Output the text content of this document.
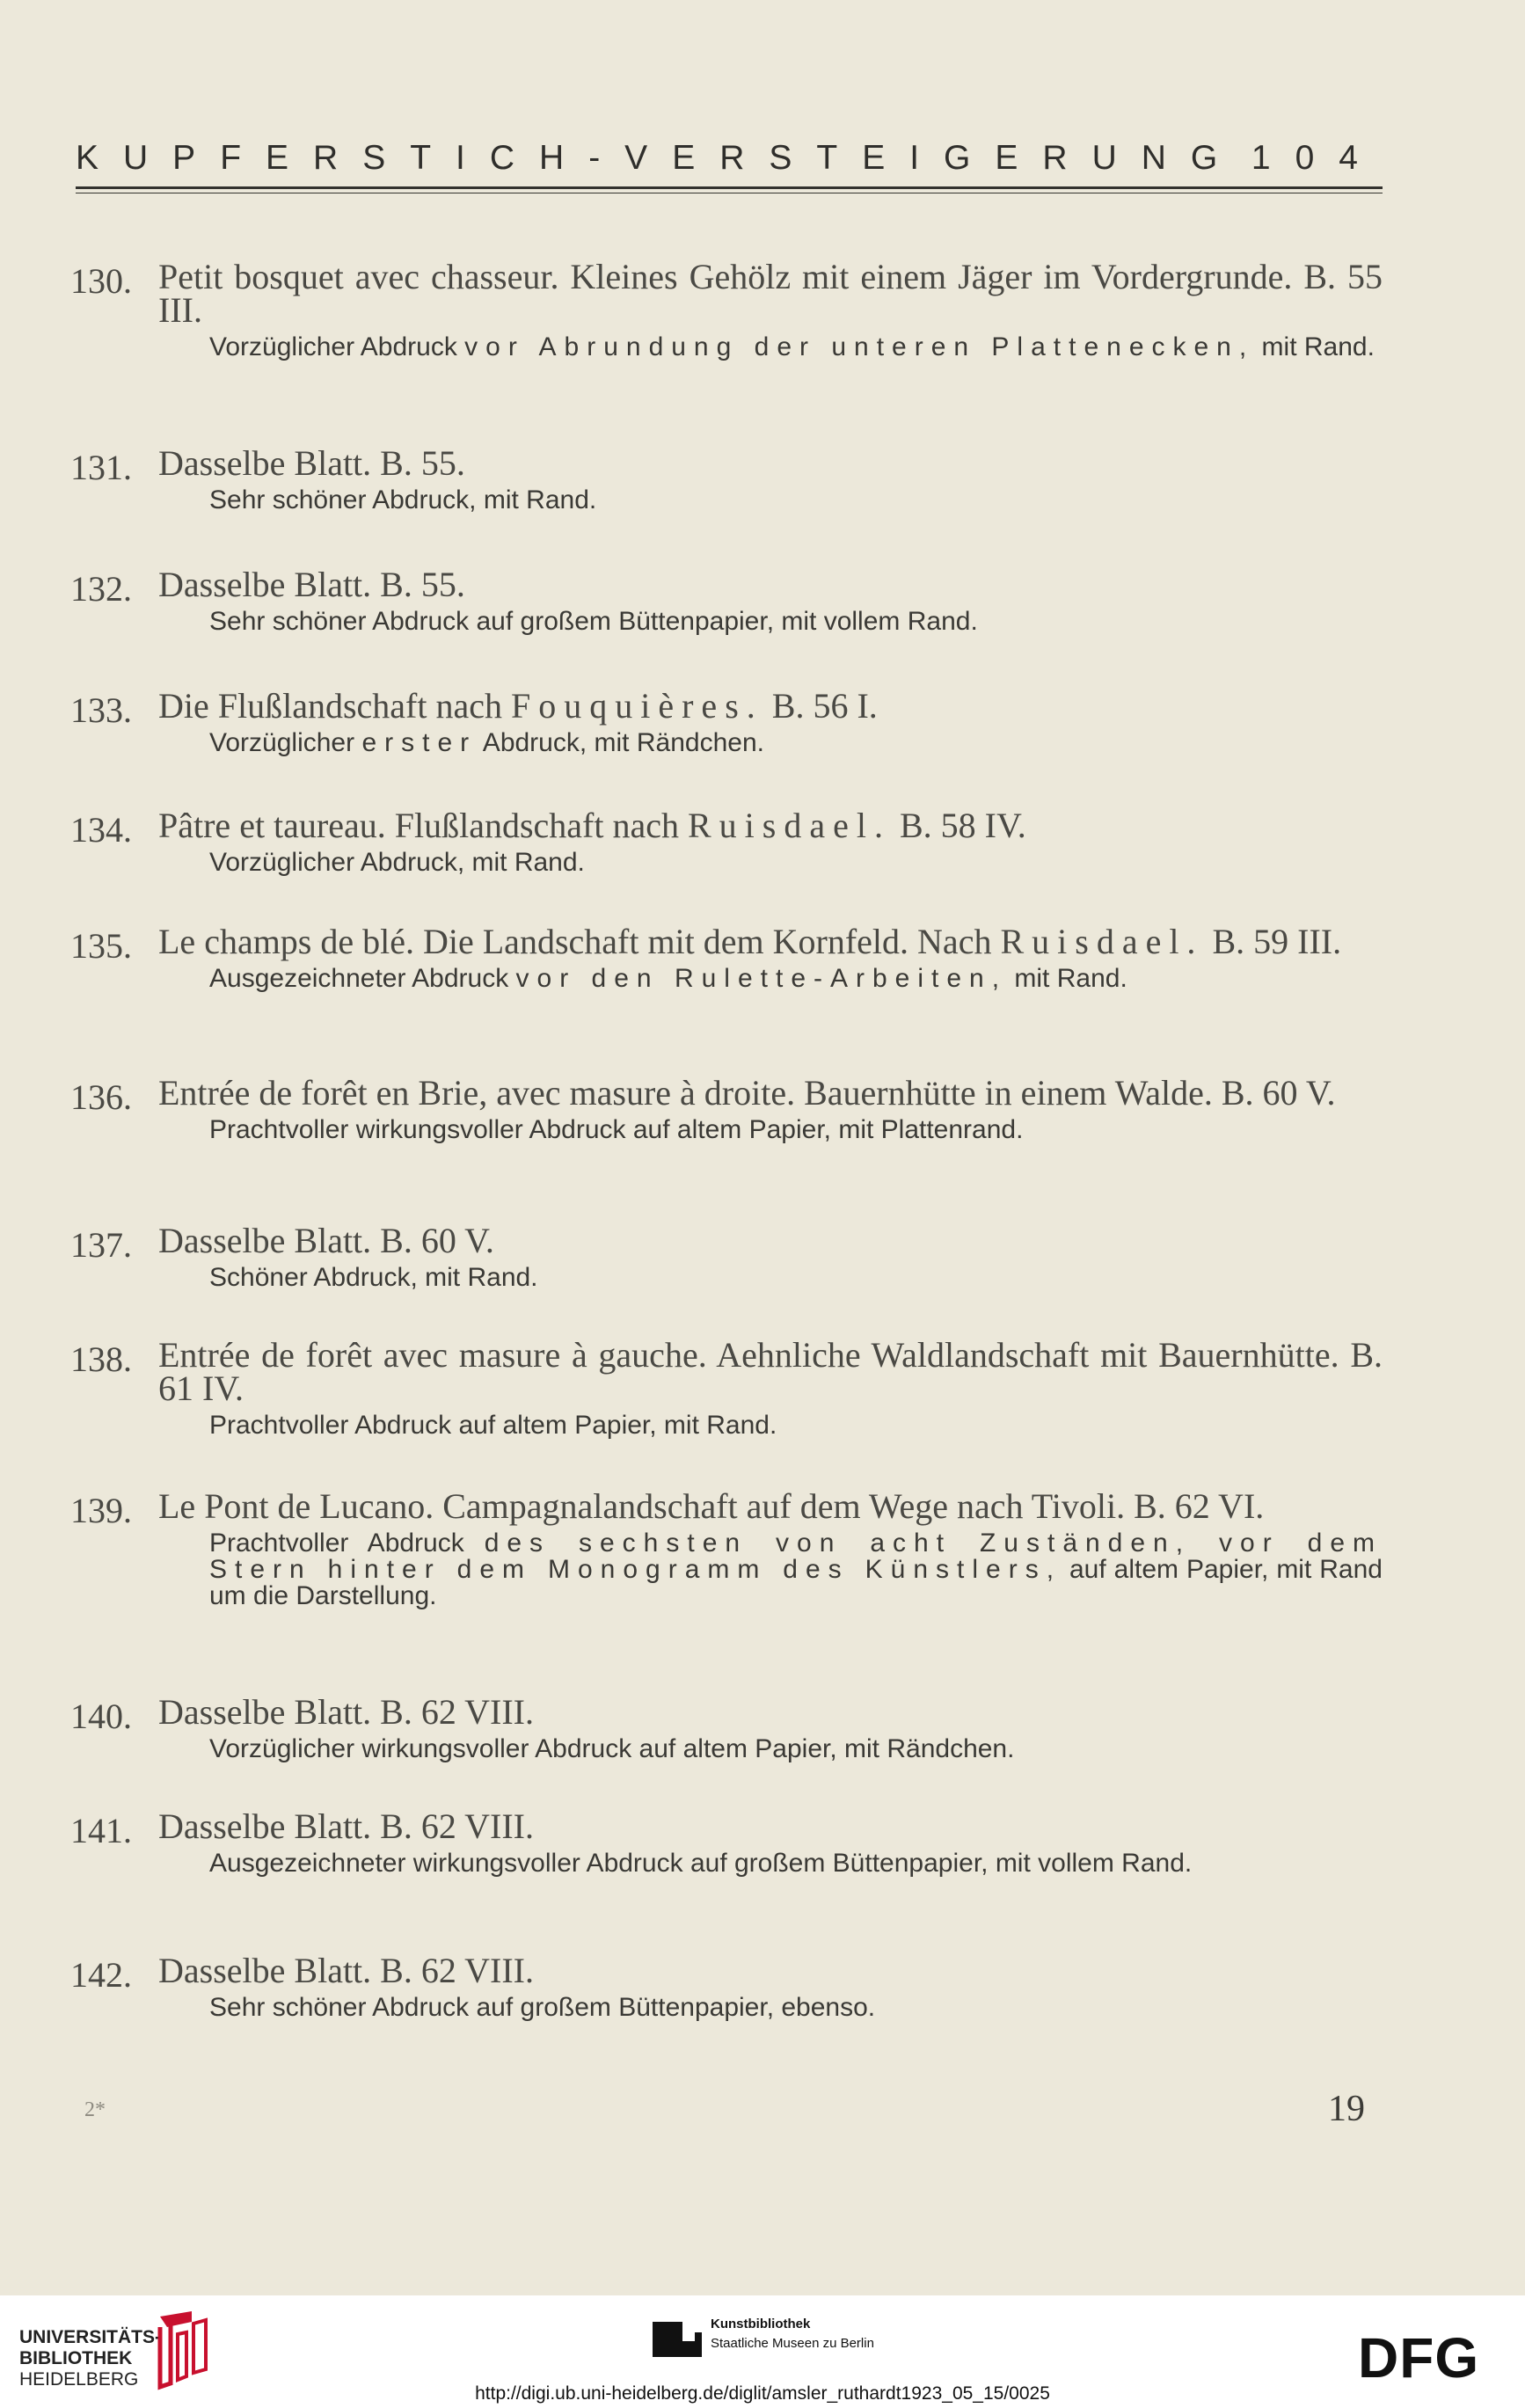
KUPFERSTICH-VERSTEIGERUNG 104
130. Petit bosquet avec chasseur. Kleines Gehölz mit einem Jäger im Vordergrunde. B. 55 III.
Vorzüglicher Abdruck vor Abrundung der unteren Plattenecken, mit Rand.
131. Dasselbe Blatt. B. 55.
Sehr schöner Abdruck, mit Rand.
132. Dasselbe Blatt. B. 55.
Sehr schöner Abdruck auf großem Büttenpapier, mit vollem Rand.
133. Die Flußlandschaft nach Fouquières. B. 56 I.
Vorzüglicher erster Abdruck, mit Rändchen.
134. Pâtre et taureau. Flußlandschaft nach Ruisdael. B. 58 IV.
Vorzüglicher Abdruck, mit Rand.
135. Le champs de blé. Die Landschaft mit dem Kornfeld. Nach Ruisdael. B. 59 III.
Ausgezeichneter Abdruck vor den Rulette-Arbeiten, mit Rand.
136. Entrée de forêt en Brie, avec masure à droite. Bauernhütte in einem Walde. B. 60 V.
Prachtvoller wirkungsvoller Abdruck auf altem Papier, mit Plattenrand.
137. Dasselbe Blatt. B. 60 V.
Schöner Abdruck, mit Rand.
138. Entrée de forêt avec masure à gauche. Aehnliche Waldlandschaft mit Bauernhütte. B. 61 IV.
Prachtvoller Abdruck auf altem Papier, mit Rand.
139. Le Pont de Lucano. Campagnalandschaft auf dem Wege nach Tivoli. B. 62 VI.
Prachtvoller Abdruck des sechsten von acht Zuständen, vor dem Stern hinter dem Monogramm des Künstlers, auf altem Papier, mit Rand um die Darstellung.
140. Dasselbe Blatt. B. 62 VIII.
Vorzüglicher wirkungsvoller Abdruck auf altem Papier, mit Rändchen.
141. Dasselbe Blatt. B. 62 VIII.
Ausgezeichneter wirkungsvoller Abdruck auf großem Büttenpapier, mit vollem Rand.
142. Dasselbe Blatt. B. 62 VIII.
Sehr schöner Abdruck auf großem Büttenpapier, ebenso.
2*	19
UNIVERSITÄTS-
BIBLIOTHEK
HEIDELBERG
Kunstbibliothek
Staatliche Museen zu Berlin	DFG
http://digi.ub.uni-heidelberg.de/diglit/amsler_ruthardt1923_05_15/0025
